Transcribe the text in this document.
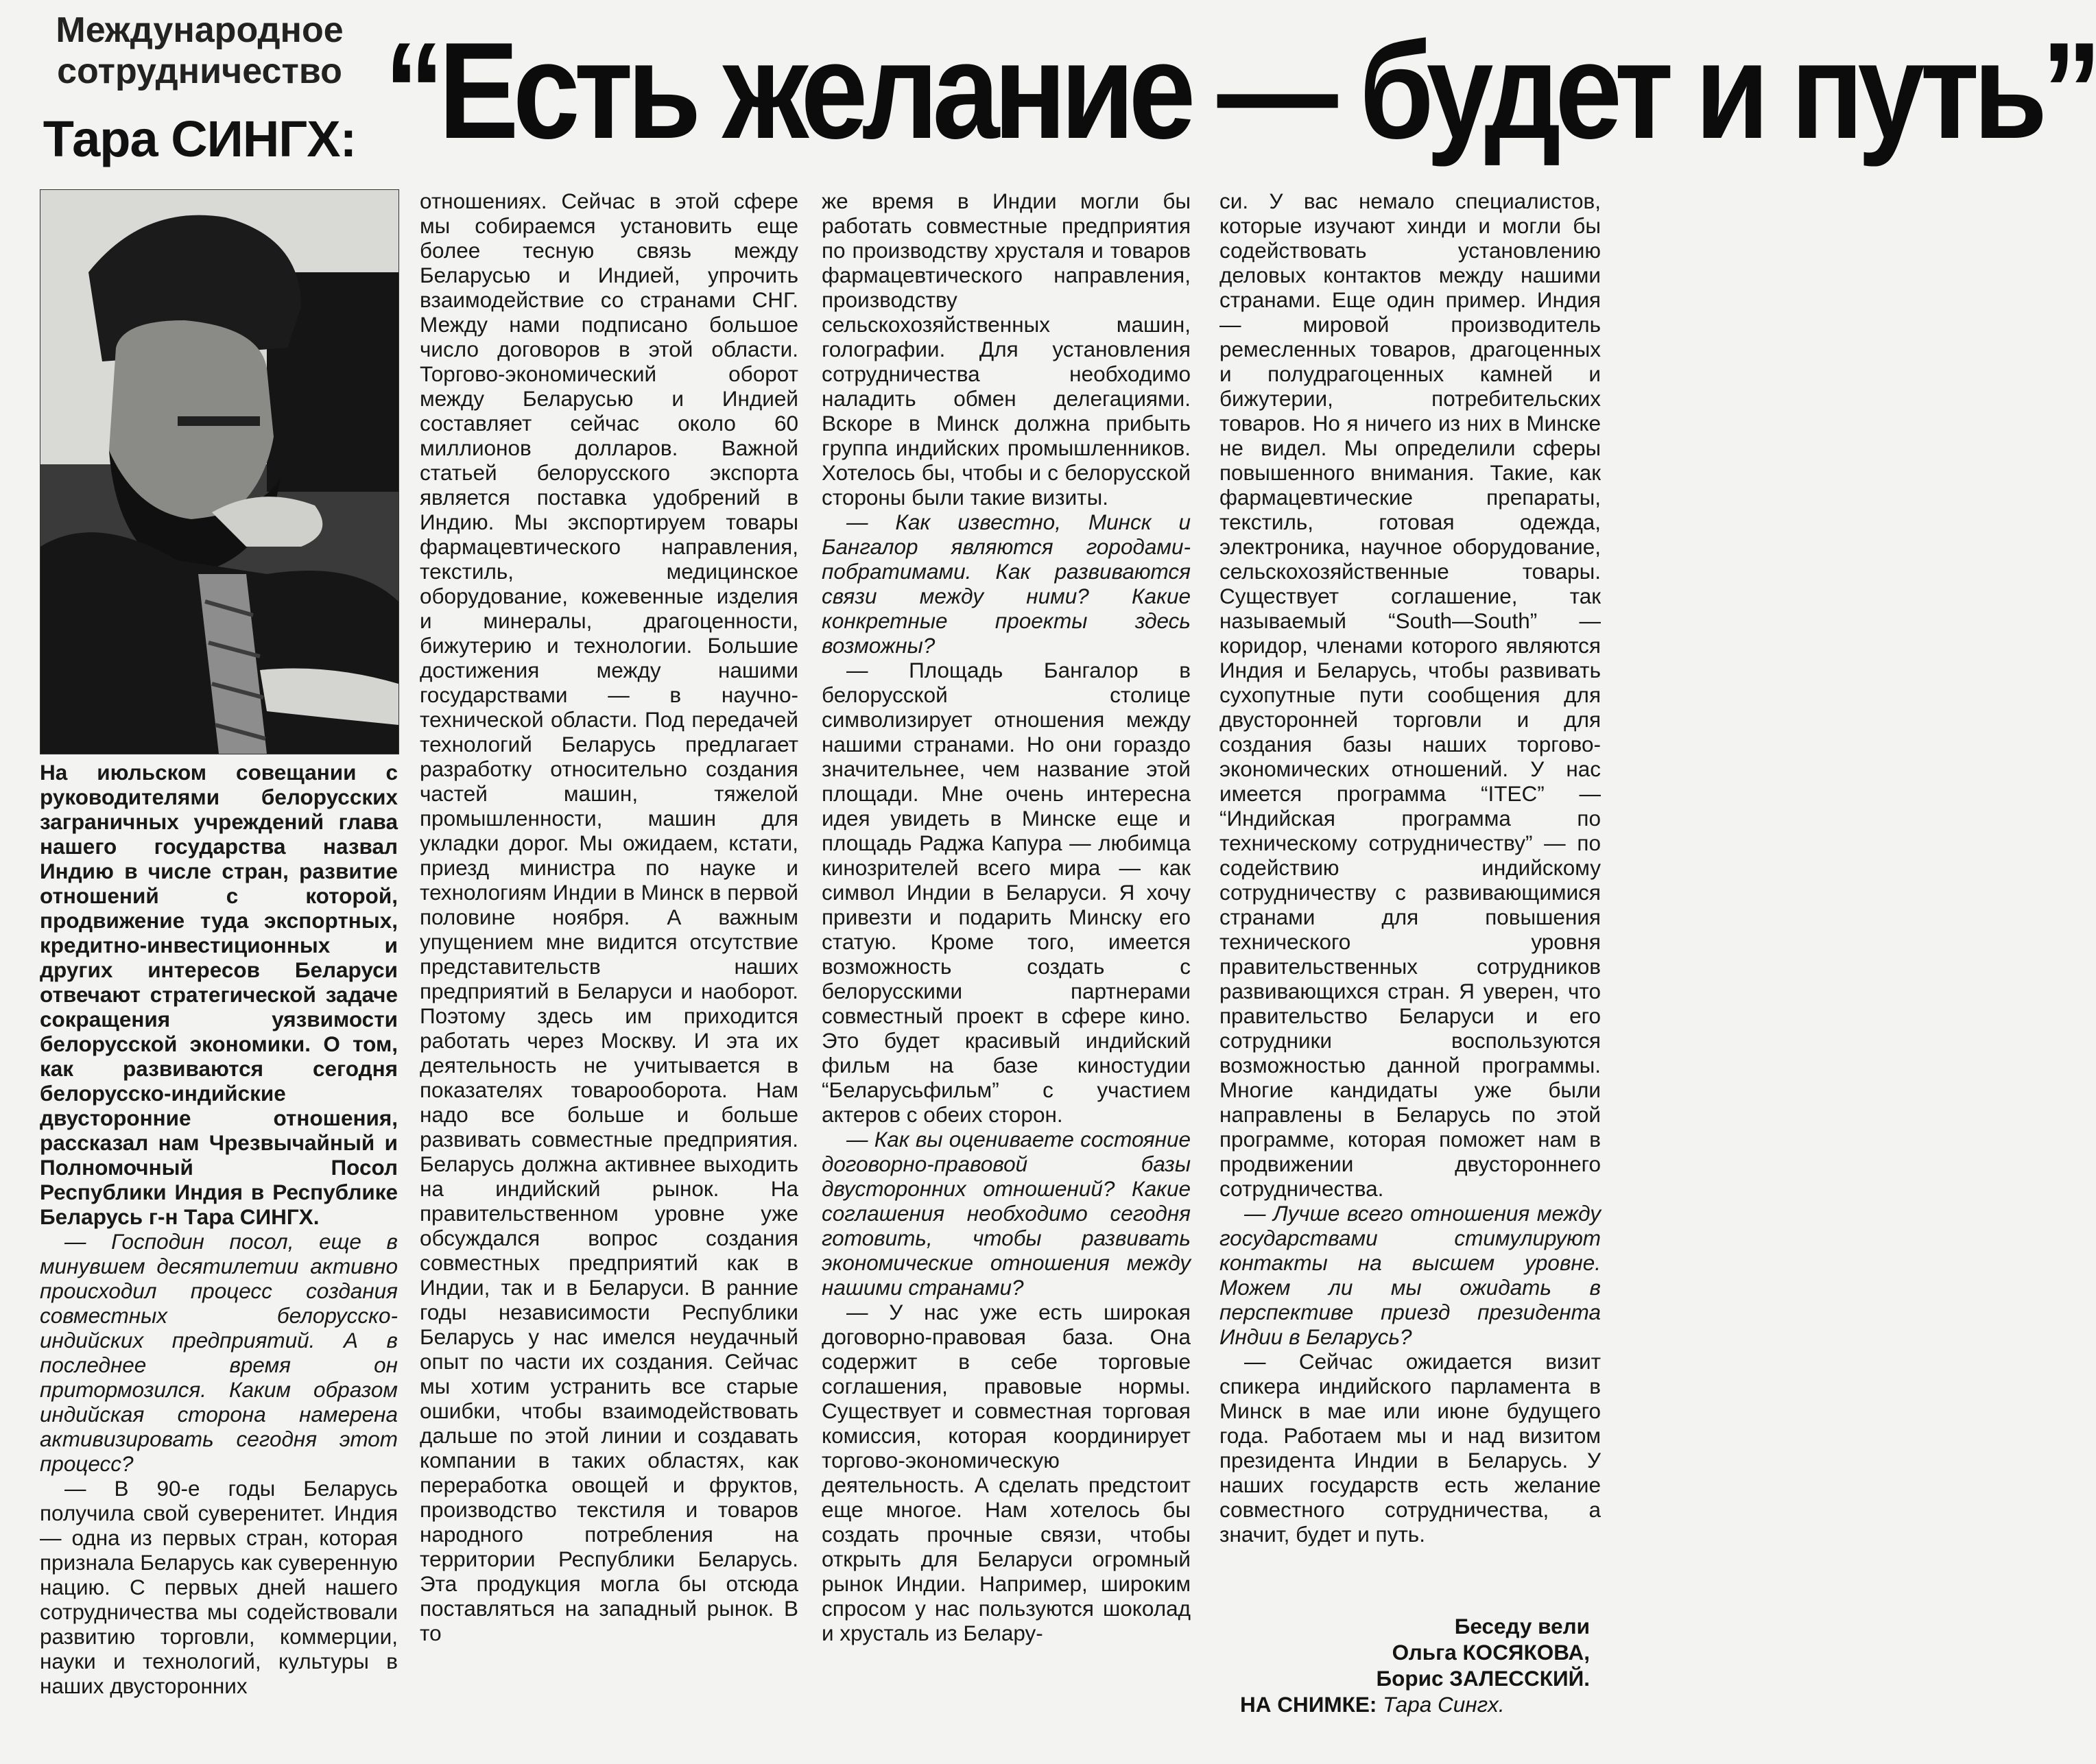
Международное
сотрудничество
Тара СИНГХ: “Есть желание — будет и путь”

На июльском совещании с руководителями белорусских заграничных учреждений глава нашего государства назвал Индию в числе стран, развитие отношений с которой, продвижение туда экспортных, кредитно-инвестиционных и других интересов Беларуси отвечают стратегической задаче сокращения уязвимости белорусской экономики. О том, как развиваются сегодня белорусско-индийские двусторонние отношения, рассказал нам Чрезвычайный и Полномочный Посол Республики Индия в Республике Беларусь г-н Тара СИНГХ.

— Господин посол, еще в минувшем десятилетии активно происходил процесс создания совместных белорусско-индийских предприятий. А в последнее время он притормозился. Каким образом индийская сторона намерена активизировать сегодня этот процесс?

— В 90-е годы Беларусь получила свой суверенитет. Индия — одна из первых стран, которая признала Беларусь как суверенную нацию. С первых дней нашего сотрудничества мы содействовали развитию торговли, коммерции, науки и технологий, культуры в наших двусторонних

отношениях. Сейчас в этой сфере мы собираемся установить еще более тесную связь между Беларусью и Индией, упрочить взаимодействие со странами СНГ. Между нами подписано большое число договоров в этой области. Торгово-экономический оборот между Беларусью и Индией составляет сейчас около 60 миллионов долларов. Важной статьей белорусского экспорта является поставка удобрений в Индию. Мы экспортируем товары фармацевтического направления, текстиль, медицинское оборудование, кожевенные изделия и минералы, драгоценности, бижутерию и технологии. Большие достижения между нашими государствами — в научно-технической области. Под передачей технологий Беларусь предлагает разработку относительно создания частей машин, тяжелой промышленности, машин для укладки дорог. Мы ожидаем, кстати, приезд министра по науке и технологиям Индии в Минск в первой половине ноября. А важным упущением мне видится отсутствие представительств наших предприятий в Беларуси и наоборот. Поэтому здесь им приходится работать через Москву. И эта их деятельность не учитывается в показателях товарооборота. Нам надо все больше и больше развивать совместные предприятия. Беларусь должна активнее выходить на индийский рынок. На правительственном уровне уже обсуждался вопрос создания совместных предприятий как в Индии, так и в Беларуси. В ранние годы независимости Республики Беларусь у нас имелся неудачный опыт по части их создания. Сейчас мы хотим устранить все старые ошибки, чтобы взаимодействовать дальше по этой линии и создавать компании в таких областях, как переработка овощей и фруктов, производство текстиля и товаров народного потребления на территории Республики Беларусь. Эта продукция могла бы отсюда поставляться на западный рынок. В то

же время в Индии могли бы работать совместные предприятия по производству хрусталя и товаров фармацевтического направления, производству сельскохозяйственных машин, голографии. Для установления сотрудничества необходимо наладить обмен делегациями. Вскоре в Минск должна прибыть группа индийских промышленников. Хотелось бы, чтобы и с белорусской стороны были такие визиты.

— Как известно, Минск и Бангалор являются городами-побратимами. Как развиваются связи между ними? Какие конкретные проекты здесь возможны?

— Площадь Бангалор в белорусской столице символизирует отношения между нашими странами. Но они гораздо значительнее, чем название этой площади. Мне очень интересна идея увидеть в Минске еще и площадь Раджа Капура — любимца кинозрителей всего мира — как символ Индии в Беларуси. Я хочу привезти и подарить Минску его статую. Кроме того, имеется возможность создать с белорусскими партнерами совместный проект в сфере кино. Это будет красивый индийский фильм на базе киностудии “Беларусьфильм” с участием актеров с обеих сторон.

— Как вы оцениваете состояние договорно-правовой базы двусторонних отношений? Какие соглашения необходимо сегодня готовить, чтобы развивать экономические отношения между нашими странами?

— У нас уже есть широкая договорно-правовая база. Она содержит в себе торговые соглашения, правовые нормы. Существует и совместная торговая комиссия, которая координирует торгово-экономическую деятельность. А сделать предстоит еще многое. Нам хотелось бы создать прочные связи, чтобы открыть для Беларуси огромный рынок Индии. Например, широким спросом у нас пользуются шоколад и хрусталь из Белару-

си. У вас немало специалистов, которые изучают хинди и могли бы содействовать установлению деловых контактов между нашими странами. Еще один пример. Индия — мировой производитель ремесленных товаров, драгоценных и полудрагоценных камней и бижутерии, потребительских товаров. Но я ничего из них в Минске не видел. Мы определили сферы повышенного внимания. Такие, как фармацевтические препараты, текстиль, готовая одежда, электроника, научное оборудование, сельскохозяйственные товары. Существует соглашение, так называемый “South—South” — коридор, членами которого являются Индия и Беларусь, чтобы развивать сухопутные пути сообщения для двусторонней торговли и для создания базы наших торгово-экономических отношений. У нас имеется программа “ITEC” — “Индийская программа по техническому сотрудничеству” — по содействию индийскому сотрудничеству с развивающимися странами для повышения технического уровня правительственных сотрудников развивающихся стран. Я уверен, что правительство Беларуси и его сотрудники воспользуются возможностью данной программы. Многие кандидаты уже были направлены в Беларусь по этой программе, которая поможет нам в продвижении двустороннего сотрудничества.

— Лучше всего отношения между государствами стимулируют контакты на высшем уровне. Можем ли мы ожидать в перспективе приезд президента Индии в Беларусь?

— Сейчас ожидается визит спикера индийского парламента в Минск в мае или июне будущего года. Работаем мы и над визитом президента Индии в Беларусь. У наших государств есть желание совместного сотрудничества, а значит, будет и путь.

Беседу вели
Ольга КОСЯКОВА,
Борис ЗАЛЕССКИЙ.
НА СНИМКЕ: Тара Сингх.
